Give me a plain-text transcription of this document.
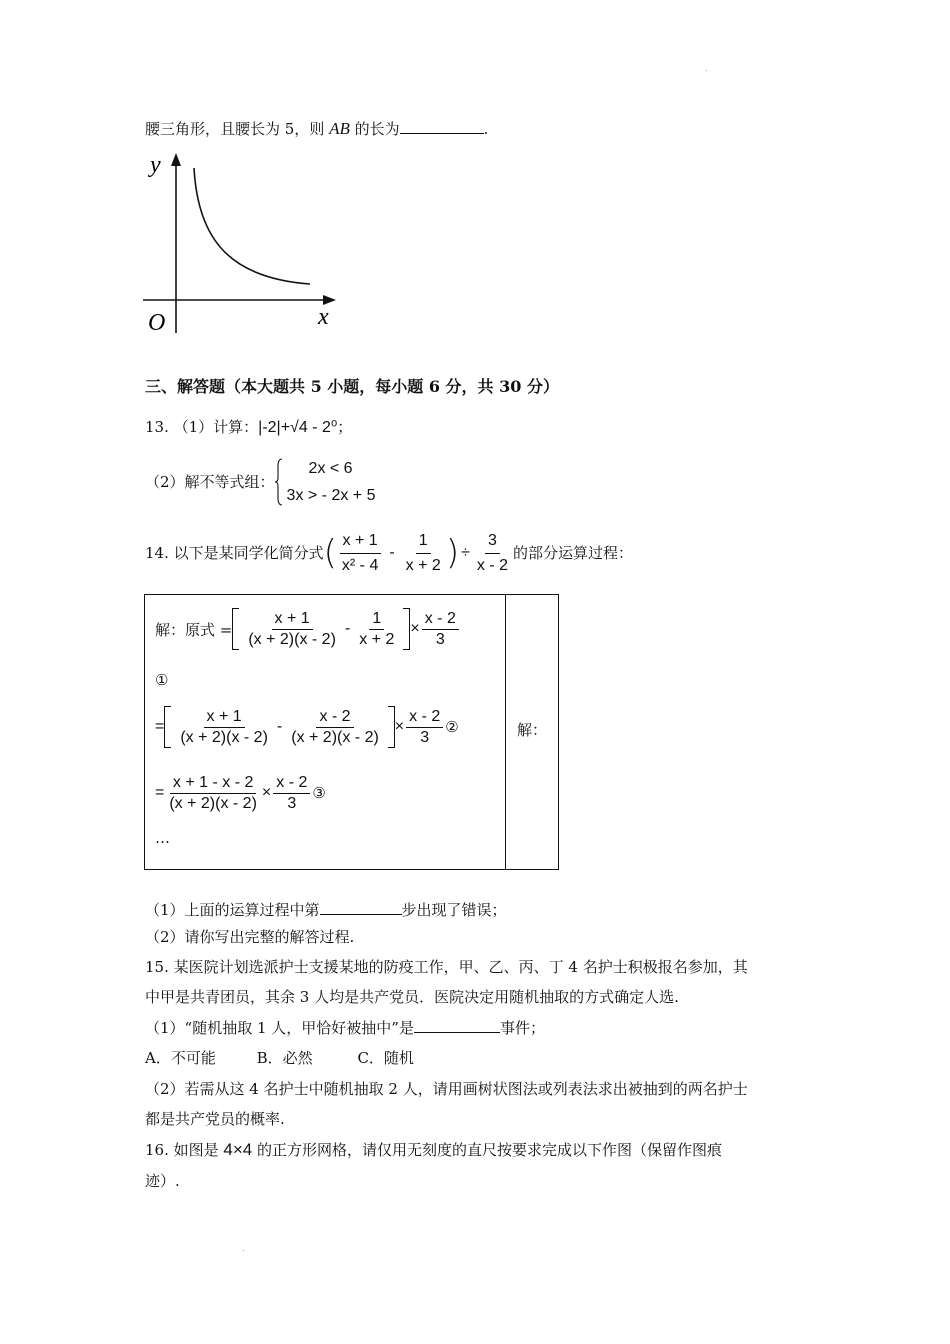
腰三角形，且腰长为 5，则 AB 的长为	.
y
x
O
三、解答题（本大题共 5 小题，每小题 6 分，共 30 分）
13. （1）计算：|-2|+√4 - 2⁰；
（2）解不等式组：
2x < 6
3x > - 2x + 5
14. 以下是某同学化简分式 ( $\frac{x + 1}{\text{x² - 4}} - \frac{1}{x + 2}$ ) ÷ $\frac{3}{x - 2}$ 的部分运算过程：
解：原式 = $\frac{x + 1}{(x + 2)(x - 2)} - \frac{1}{x + 2} \times \frac{x - 2}{3}$
①
= $\frac{x + 1}{(x + 2)(x - 2)} - \frac{x - 2}{(x + 2)(x - 2)} \times \frac{x - 2}{3}$ ②
= $\frac{x + 1 - x - 2}{(x + 2)(x - 2)} \times \frac{x - 2}{3}$ ③
…
解：
（1）上面的运算过程中第	步出现了错误；
（2）请你写出完整的解答过程.
15. 某医院计划选派护士支援某地的防疫工作，甲、乙、丙、丁 4 名护士积极报名参加，其
中甲是共青团员，其余 3 人均是共产党员．医院决定用随机抽取的方式确定人选.
（1）“随机抽取 1 人，甲恰好被抽中”是	事件；
A．不可能	B．必然	C．随机
（2）若需从这 4 名护士中随机抽取 2 人，请用画树状图法或列表法求出被抽到的两名护士
都是共产党员的概率.
16. 如图是 4×4 的正方形网格，请仅用无刻度的直尺按要求完成以下作图（保留作图痕
迹）.
